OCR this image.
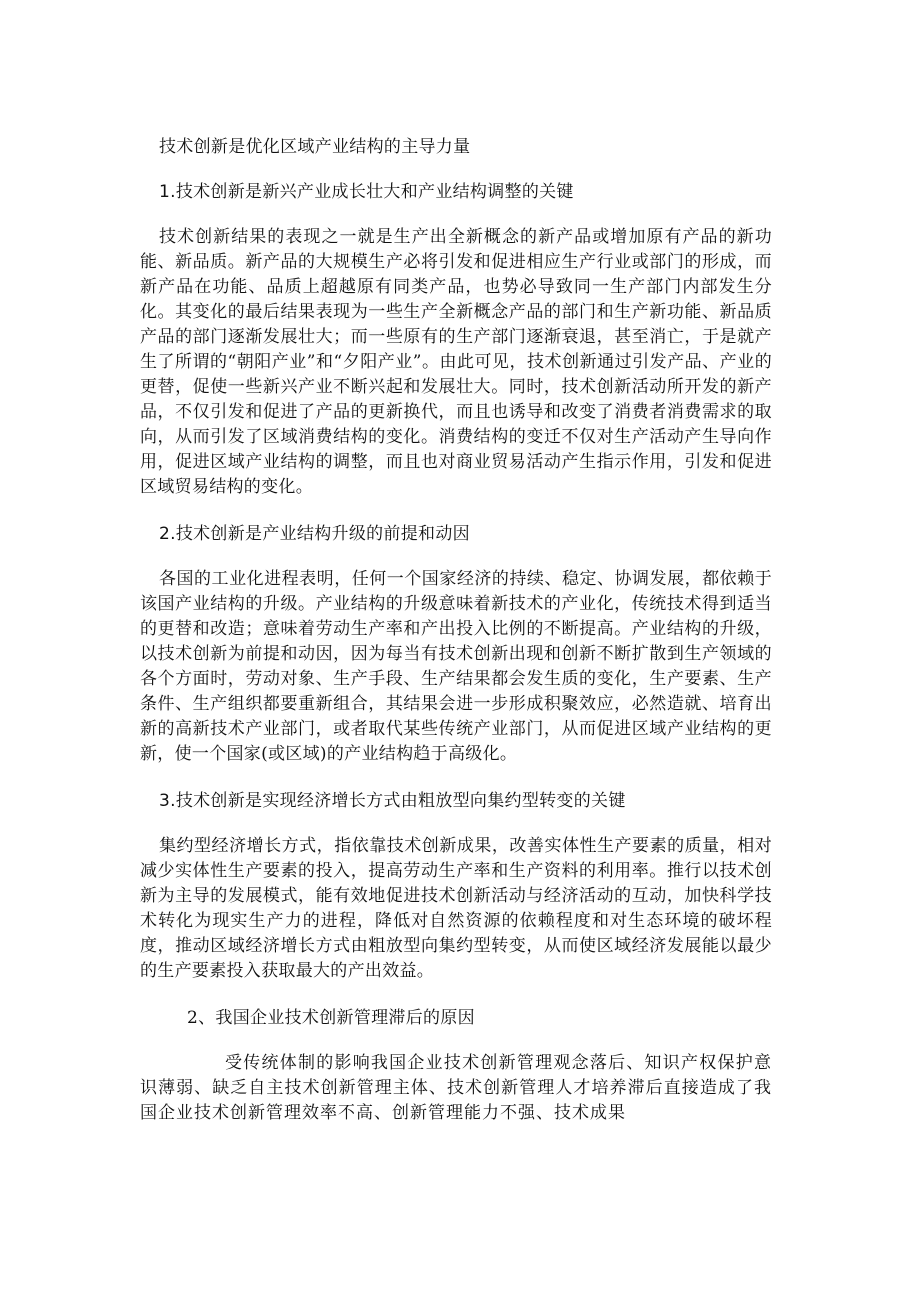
技术创新是优化区域产业结构的主导力量

1.技术创新是新兴产业成长壮大和产业结构调整的关键

技术创新结果的表现之一就是生产出全新概念的新产品或增加原有产品的新功能、新品质。新产品的大规模生产必将引发和促进相应生产行业或部门的形成，而新产品在功能、品质上超越原有同类产品，也势必导致同一生产部门内部发生分化。其变化的最后结果表现为一些生产全新概念产品的部门和生产新功能、新品质产品的部门逐渐发展壮大；而一些原有的生产部门逐渐衰退，甚至消亡，于是就产生了所谓的“朝阳产业”和“夕阳产业”。由此可见，技术创新通过引发产品、产业的更替，促使一些新兴产业不断兴起和发展壮大。同时，技术创新活动所开发的新产品，不仅引发和促进了产品的更新换代，而且也诱导和改变了消费者消费需求的取向，从而引发了区域消费结构的变化。消费结构的变迁不仅对生产活动产生导向作用，促进区域产业结构的调整，而且也对商业贸易活动产生指示作用，引发和促进区域贸易结构的变化。

2.技术创新是产业结构升级的前提和动因

各国的工业化进程表明，任何一个国家经济的持续、稳定、协调发展，都依赖于该国产业结构的升级。产业结构的升级意味着新技术的产业化，传统技术得到适当的更替和改造；意味着劳动生产率和产出投入比例的不断提高。产业结构的升级，以技术创新为前提和动因，因为每当有技术创新出现和创新不断扩散到生产领域的各个方面时，劳动对象、生产手段、生产结果都会发生质的变化，生产要素、生产条件、生产组织都要重新组合，其结果会进一步形成积聚效应，必然造就、培育出新的高新技术产业部门，或者取代某些传统产业部门，从而促进区域产业结构的更新，使一个国家(或区域)的产业结构趋于高级化。

3.技术创新是实现经济增长方式由粗放型向集约型转变的关键

集约型经济增长方式，指依靠技术创新成果，改善实体性生产要素的质量，相对减少实体性生产要素的投入，提高劳动生产率和生产资料的利用率。推行以技术创新为主导的发展模式，能有效地促进技术创新活动与经济活动的互动，加快科学技术转化为现实生产力的进程，降低对自然资源的依赖程度和对生态环境的破坏程度，推动区域经济增长方式由粗放型向集约型转变，从而使区域经济发展能以最少的生产要素投入获取最大的产出效益。

2、我国企业技术创新管理滞后的原因

受传统体制的影响我国企业技术创新管理观念落后、知识产权保护意识薄弱、缺乏自主技术创新管理主体、技术创新管理人才培养滞后直接造成了我国企业技术创新管理效率不高、创新管理能力不强、技术成果
